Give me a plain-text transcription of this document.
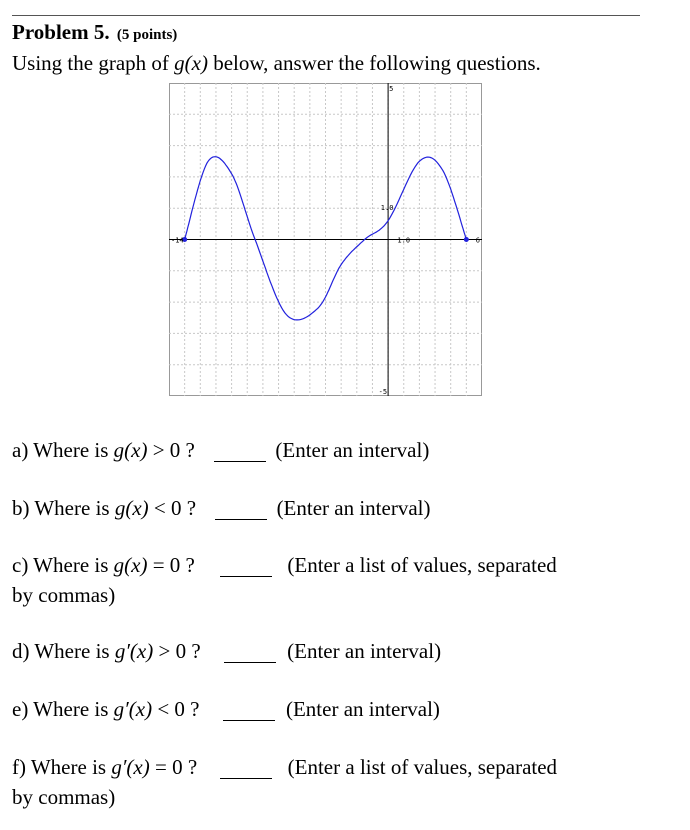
Problem 5. (5 points)
Using the graph of g(x) below, answer the following questions.
-14	6
5
-5
1.0
1.0
a) Where is g(x) > 0 ?	(Enter an interval)
b) Where is g(x) < 0 ?	(Enter an interval)
c) Where is g(x) = 0 ?	(Enter a list of values, separated
by commas)
d) Where is g′(x) > 0 ?	(Enter an interval)
e) Where is g′(x) < 0 ?	(Enter an interval)
f) Where is g′(x) = 0 ?	(Enter a list of values, separated
by commas)
